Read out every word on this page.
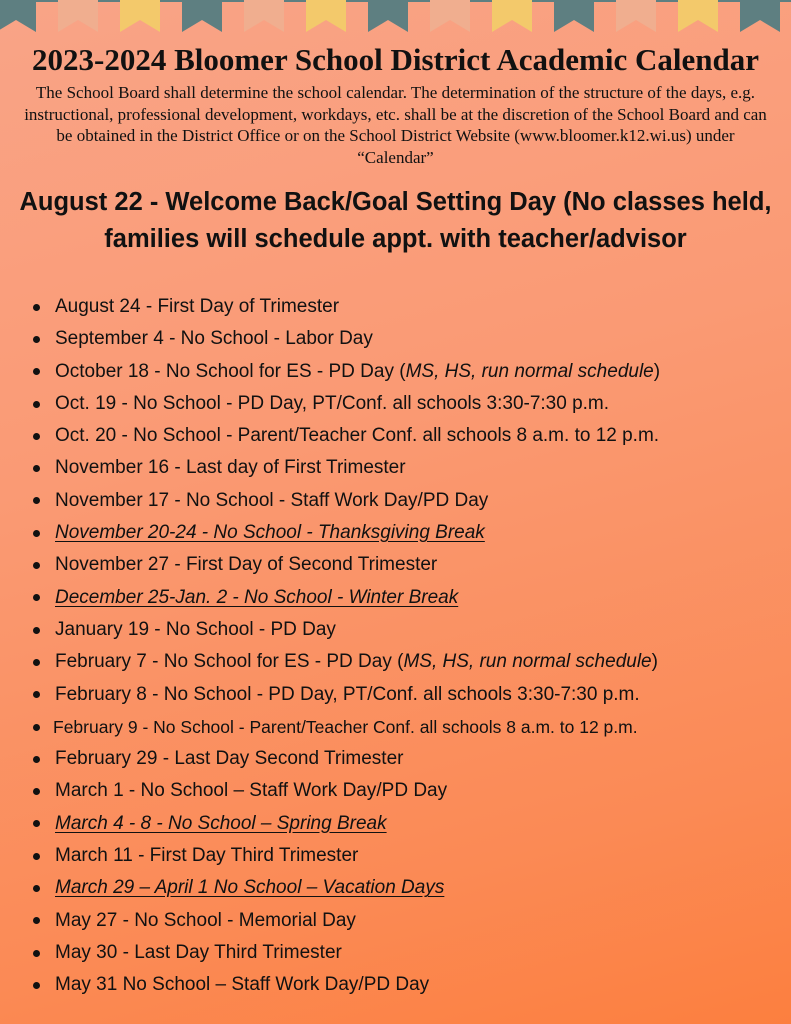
2023-2024 Bloomer School District Academic Calendar

The School Board shall determine the school calendar. The determination of the structure of the days, e.g. instructional, professional development, workdays, etc. shall be at the discretion of the School Board and can be obtained in the District Office or on the School District Website (www.bloomer.k12.wi.us) under “Calendar”

August 22 - Welcome Back/Goal Setting Day (No classes held, families will schedule appt. with teacher/advisor
August 24 - First Day of Trimester
September 4 - No School - Labor Day
October 18 - No School for ES - PD Day ( MS, HS, run normal schedule )
Oct. 19 - No School - PD Day, PT/Conf. all schools 3:30-7:30 p.m.
Oct. 20 - No School - Parent/Teacher Conf. all schools 8 a.m. to 12 p.m.
November 16 - Last day of First Trimester
November 17 - No School - Staff Work Day/PD Day
November 20-24 - No School - Thanksgiving Break
November 27 - First Day of Second Trimester
December 25-Jan. 2 - No School - Winter Break
January 19 - No School - PD Day
February 7 - No School for ES - PD Day ( MS, HS, run normal schedule )
February 8 - No School - PD Day, PT/Conf. all schools 3:30-7:30 p.m.
February 9 - No School - Parent/Teacher Conf. all schools 8 a.m. to 12 p.m.
February 29 - Last Day Second Trimester
March 1 - No School – Staff Work Day/PD Day
March 4 - 8 - No School – Spring Break
March 11 - First Day Third Trimester
March 29 – April 1 No School – Vacation Days
May 27 - No School - Memorial Day
May 30 - Last Day Third Trimester
May 31 No School – Staff Work Day/PD Day
